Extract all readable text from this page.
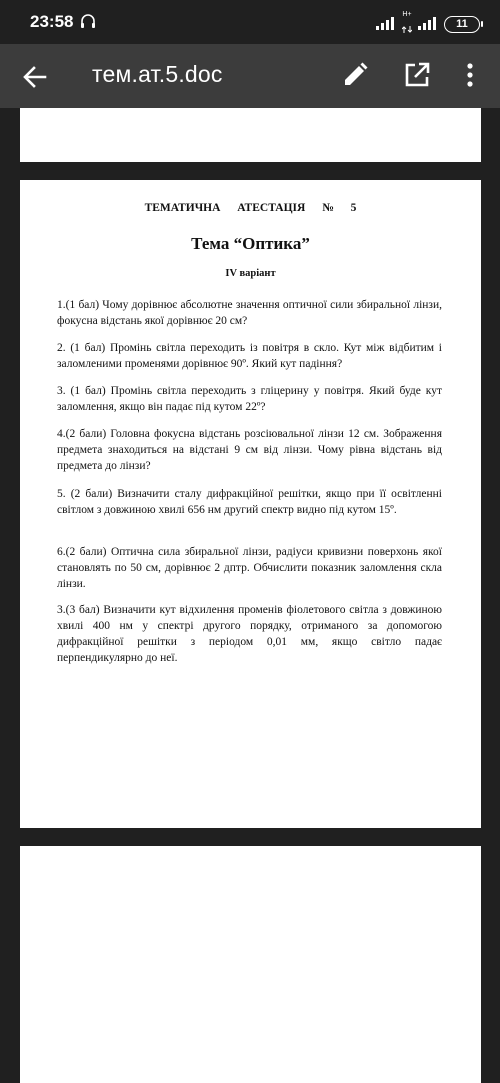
23:58	H+
11
тем.ат.5.doc
ТЕМАТИЧНА АТЕСТАЦІЯ № 5
Тема “Оптика”
IV варіант

1.(1 бал) Чому дорівнює абсолютне значення оптичної сили збиральної лінзи, фокусна відстань якої дорівнює 20 см?

2. (1 бал) Промінь світла переходить із повітря в скло. Кут між відбитим і заломленими променями дорівнює 90º. Який кут падіння?

3. (1 бал) Промінь світла переходить з гліцерину у повітря. Який буде кут заломлення, якщо він падає під кутом 22º?

4.(2 бали) Головна фокусна відстань розсіювальної лінзи 12 см. Зображення предмета знаходиться на відстані 9 см від лінзи. Чому рівна відстань від предмета до лінзи?

5. (2 бали) Визначити сталу дифракційної решітки, якщо при її освітленні світлом з довжиною хвилі 656 нм другий спектр видно під кутом 15º.

6.(2 бали) Оптична сила збиральної лінзи, радіуси кривизни поверхонь якої становлять по 50 см, дорівнює 2 дптр. Обчислити показник заломлення скла лінзи.

3.(3 бал) Визначити кут відхилення променів фіолетового світла з довжиною хвилі 400 нм у спектрі другого порядку, отриманого за допомогою дифракційної решітки з періодом 0,01 мм, якщо світло падає перпендикулярно до неї.
